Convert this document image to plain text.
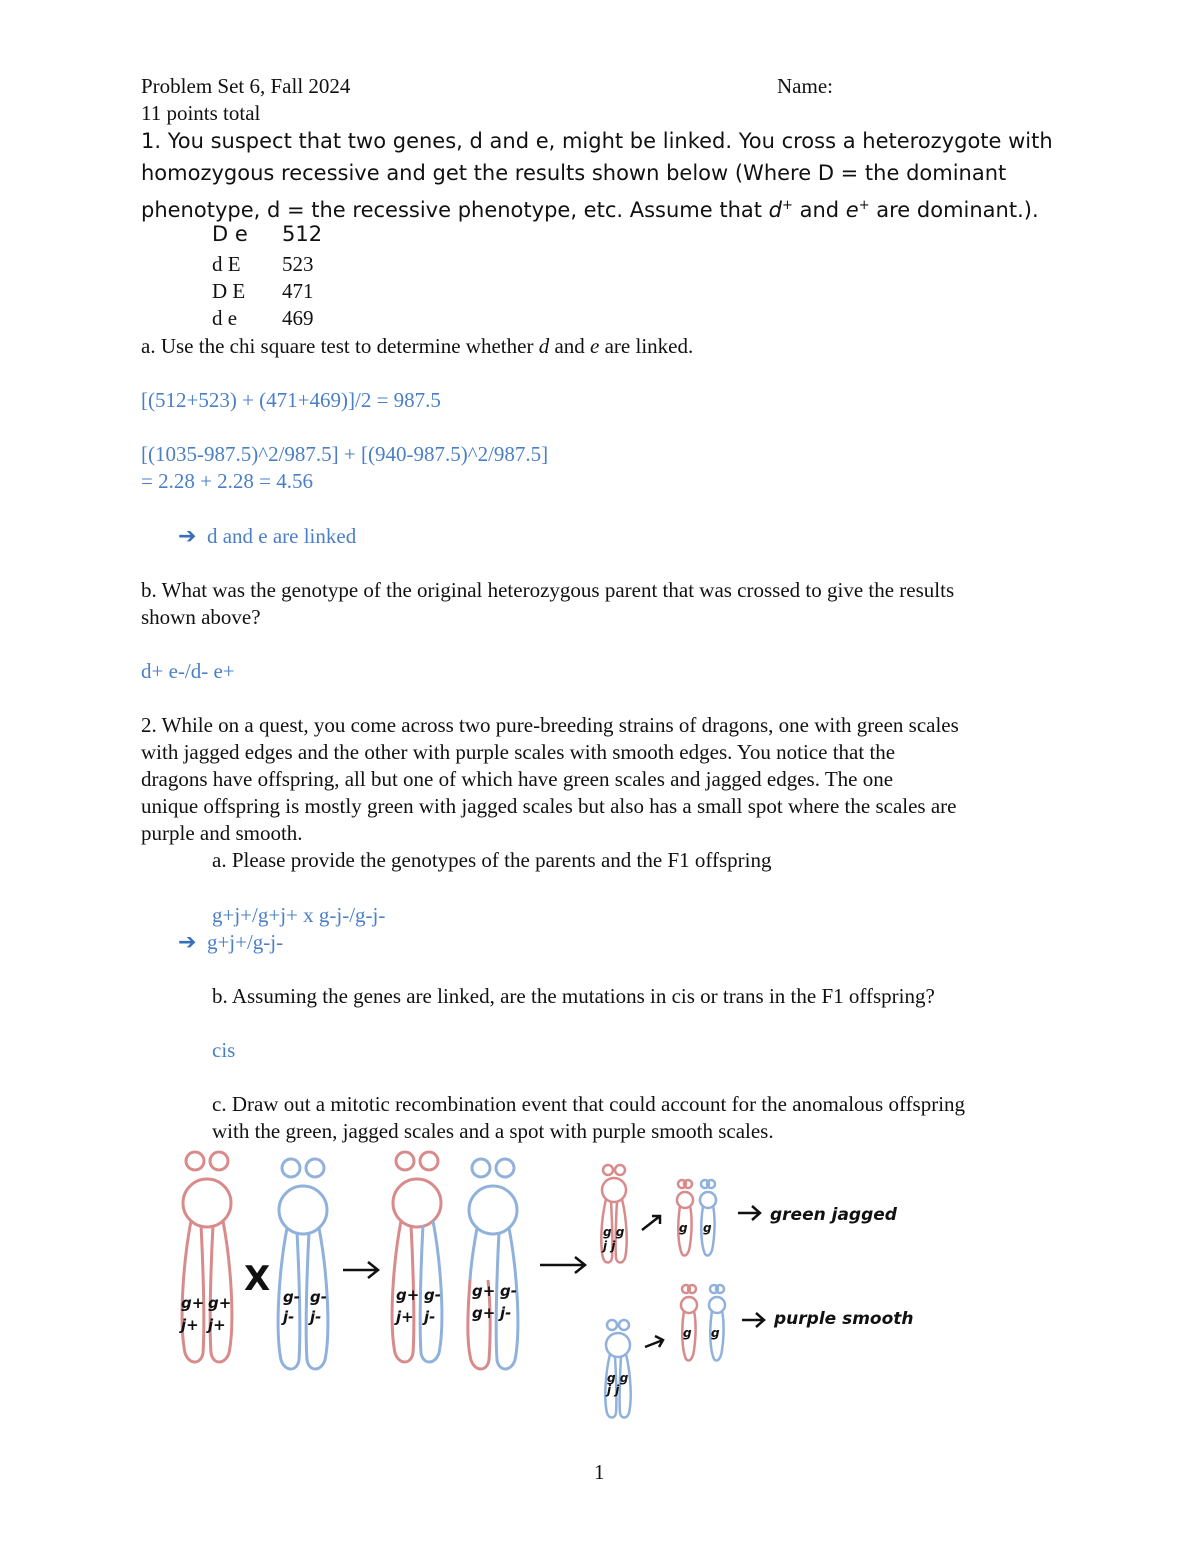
Problem Set 6, Fall 2024	Name:
11 points total
1. You suspect that two genes, d and e, might be linked. You cross a heterozygote with
homozygous recessive and get the results shown below (Where D = the dominant
phenotype, d = the recessive phenotype, etc. Assume that d+ and e+ are dominant.).
D e	512
d E	523
D E	471
d e	469
a. Use the chi square test to determine whether d and e are linked.
[(512+523) + (471+469)]/2 = 987.5
[(1035-987.5)^2/987.5] + [(940-987.5)^2/987.5]
= 2.28 + 2.28 = 4.56
➔ d and e are linked
b. What was the genotype of the original heterozygous parent that was crossed to give the results
shown above?
d+ e-/d- e+
2. While on a quest, you come across two pure-breeding strains of dragons, one with green scales
with jagged edges and the other with purple scales with smooth edges. You notice that the
dragons have offspring, all but one of which have green scales and jagged edges. The one
unique offspring is mostly green with jagged scales but also has a small spot where the scales are
purple and smooth.
a. Please provide the genotypes of the parents and the F1 offspring
g+j+/g+j+ x g-j-/g-j-
➔ g+j+/g-j-
b. Assuming the genes are linked, are the mutations in cis or trans in the F1 offspring?
cis
c. Draw out a mitotic recombination event that could account for the anomalous offspring
with the green, jagged scales and a spot with purple smooth scales.
g+
j+
g+
j+
X g-
j-
g-
j-
g+
j+
g-
j-
g+
g+
g-
j-
g g
j j
g g
green jagged
g g
j j
g g
purple smooth
1
